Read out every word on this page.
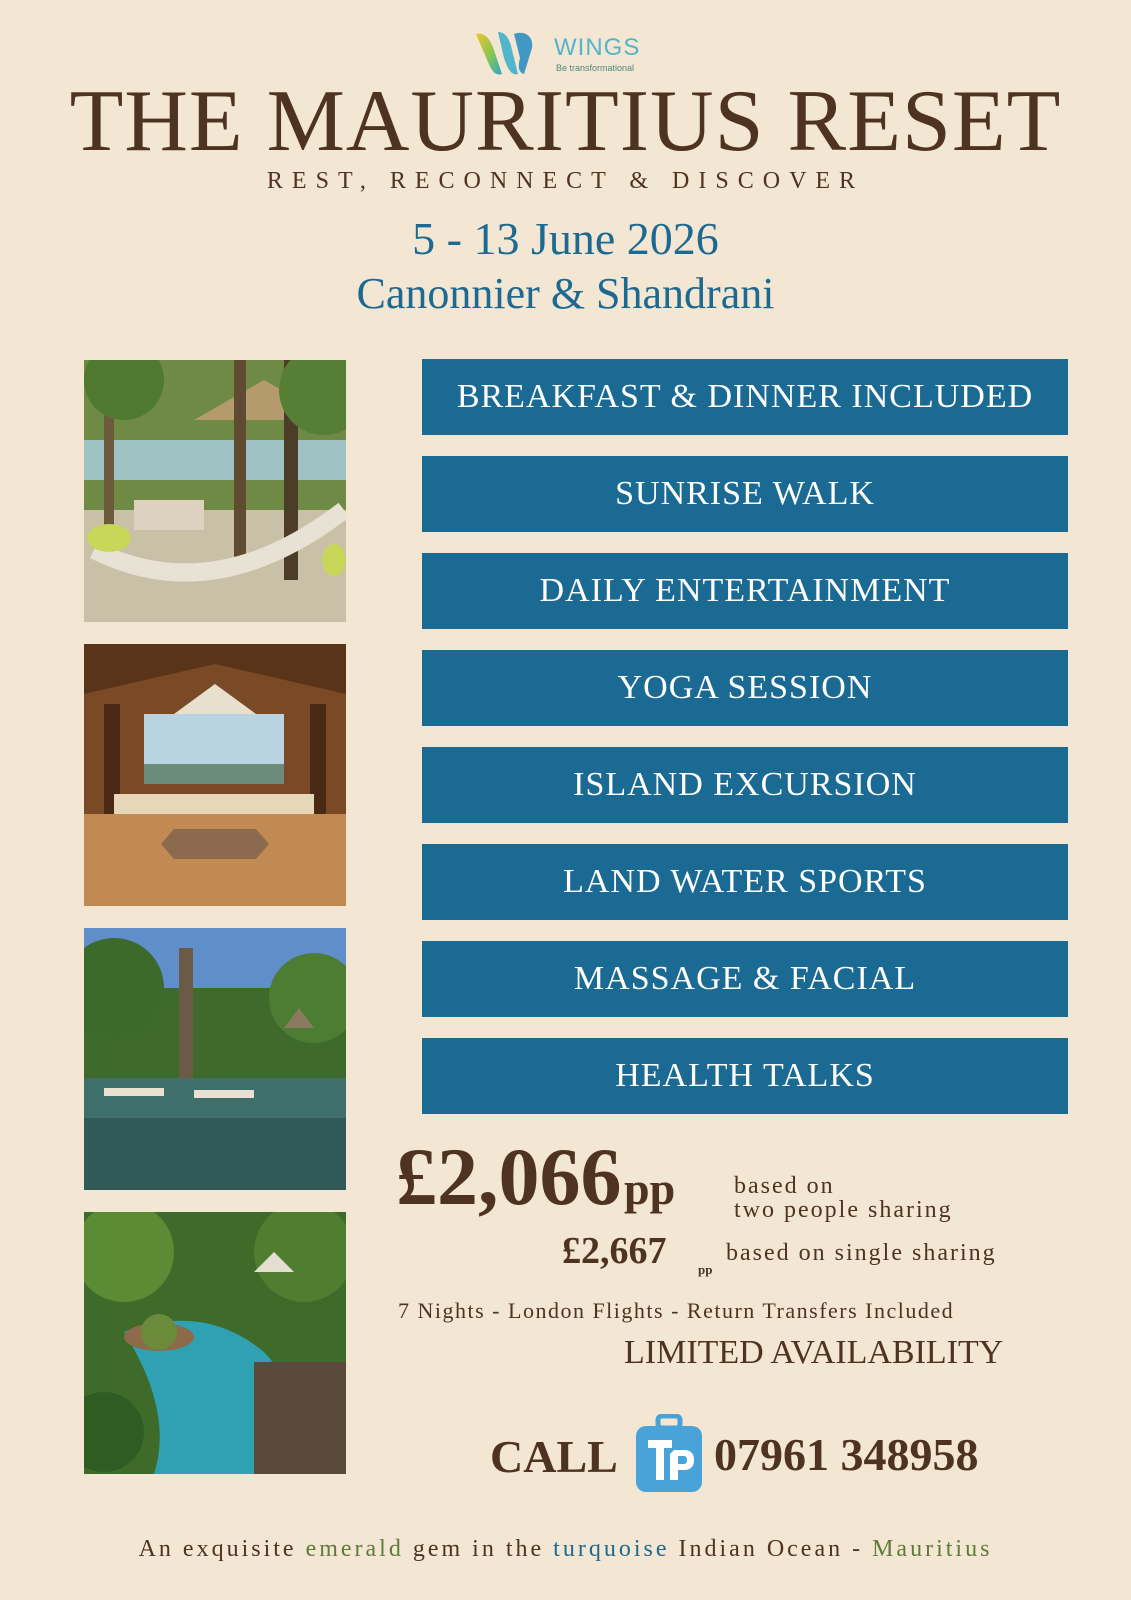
WINGS
Be transformational
THE MAURITIUS RESET
REST, RECONNECT & DISCOVER
5 - 13 June 2026
Canonnier & Shandrani
BREAKFAST & DINNER INCLUDED
SUNRISE WALK
DAILY ENTERTAINMENT
YOGA SESSION
ISLAND EXCURSION
LAND WATER SPORTS
MASSAGE & FACIAL
HEALTH TALKS
£2,066 pp based on
two people sharing
£2,667 pp
based on single sharing
7 Nights - London Flights - Return Transfers Included
LIMITED AVAILABILITY
CALL 07961 348958
An exquisite emerald gem in the turquoise Indian Ocean - Mauritius
